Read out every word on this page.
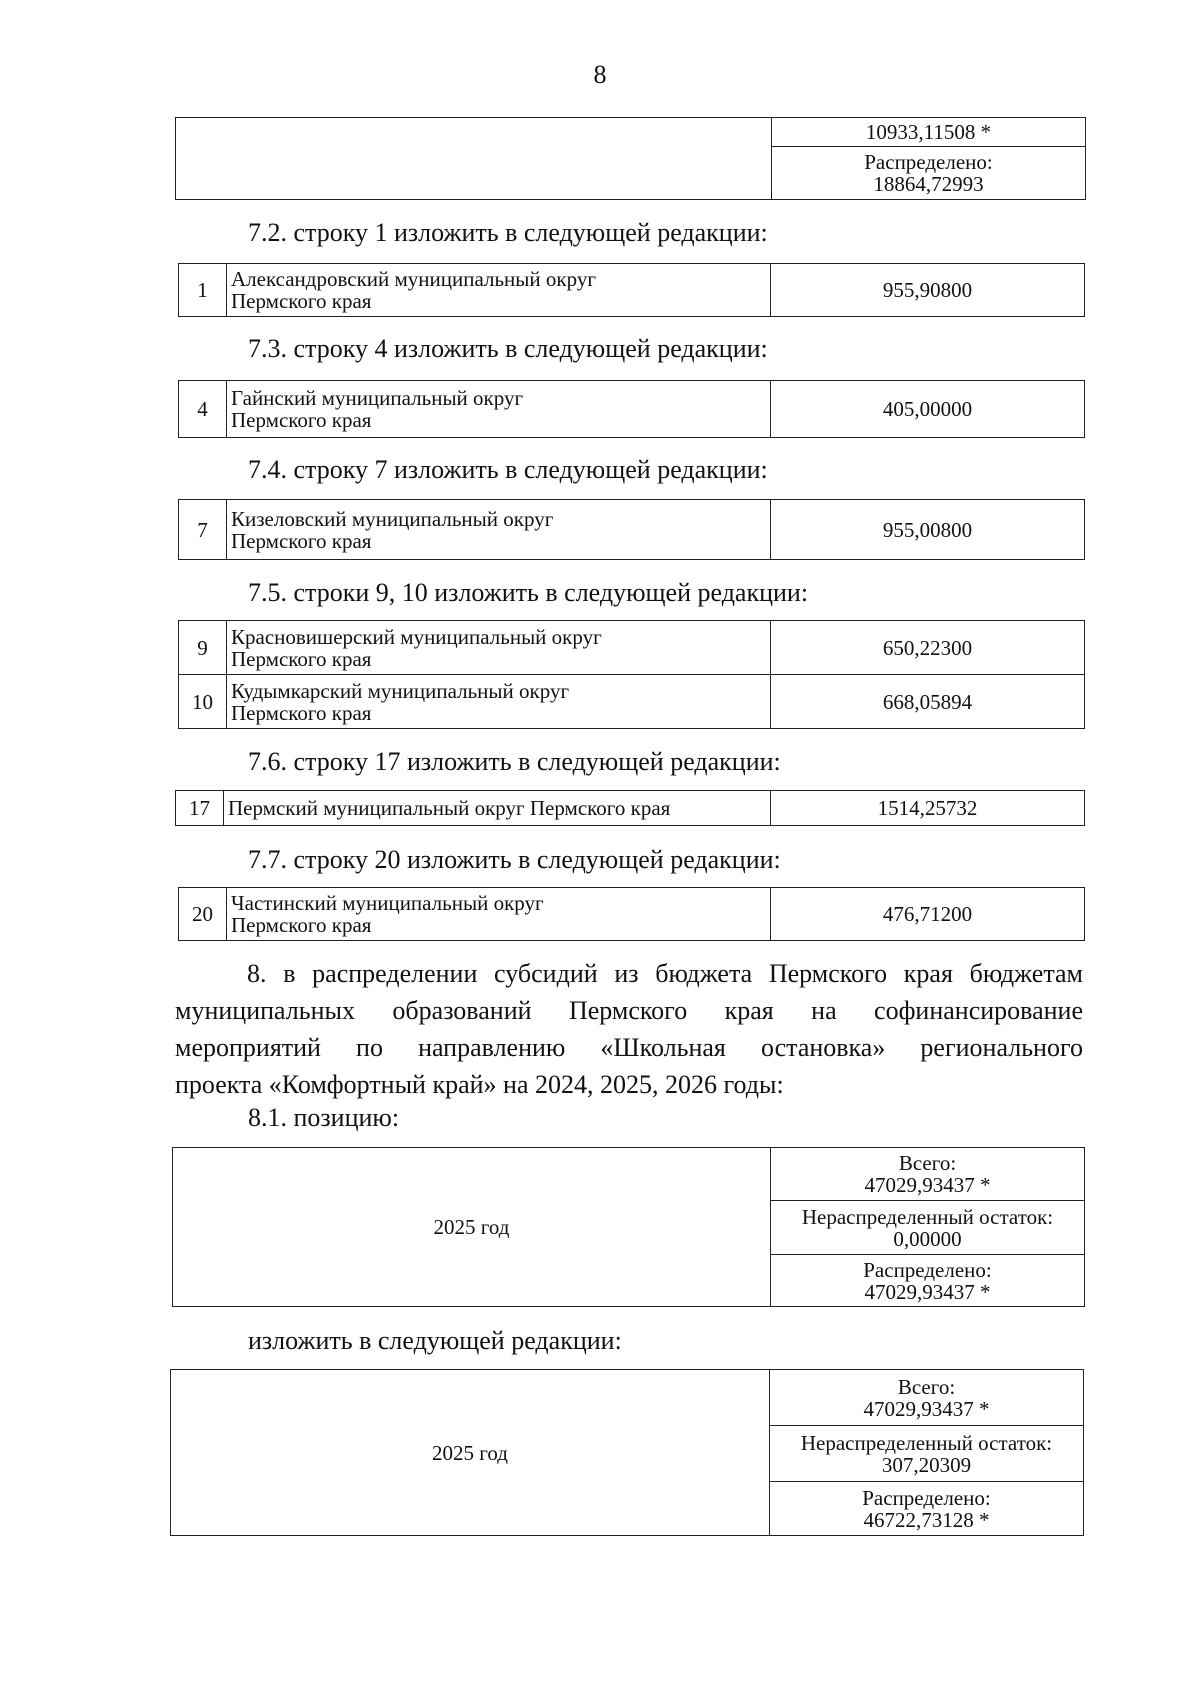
8
	10933,11508 *

Распределено:
18864,72993
7.2. строку 1 изложить в следующей редакции:
1	Александровский муниципальный округ
Пермского края	955,90800
7.3. строку 4 изложить в следующей редакции:
4	Гайнский муниципальный округ
Пермского края	405,00000
7.4. строку 7 изложить в следующей редакции:
7	Кизеловский муниципальный округ
Пермского края	955,00800
7.5. строки 9, 10 изложить в следующей редакции:
9	Красновишерский муниципальный округ
Пермского края	650,22300
10	Кудымкарский муниципальный округ
Пермского края	668,05894
7.6. строку 17 изложить в следующей редакции:
17	Пермский муниципальный округ Пермского края	1514,25732
7.7. строку 20 изложить в следующей редакции:
20	Частинский муниципальный округ
Пермского края	476,71200
8. в распределении субсидий из бюджета Пермского края бюджетам
муниципальных образований Пермского края на софинансирование
мероприятий по направлению «Школьная остановка» регионального
проекта «Комфортный край» на 2024, 2025, 2026 годы:
8.1. позицию:
2025 год	
Всего:
47029,93437 *

Нераспределенный остаток:
0,00000

Распределено:
47029,93437 *
изложить в следующей редакции:
2025 год	
Всего:
47029,93437 *

Нераспределенный остаток:
307,20309

Распределено:
46722,73128 *
